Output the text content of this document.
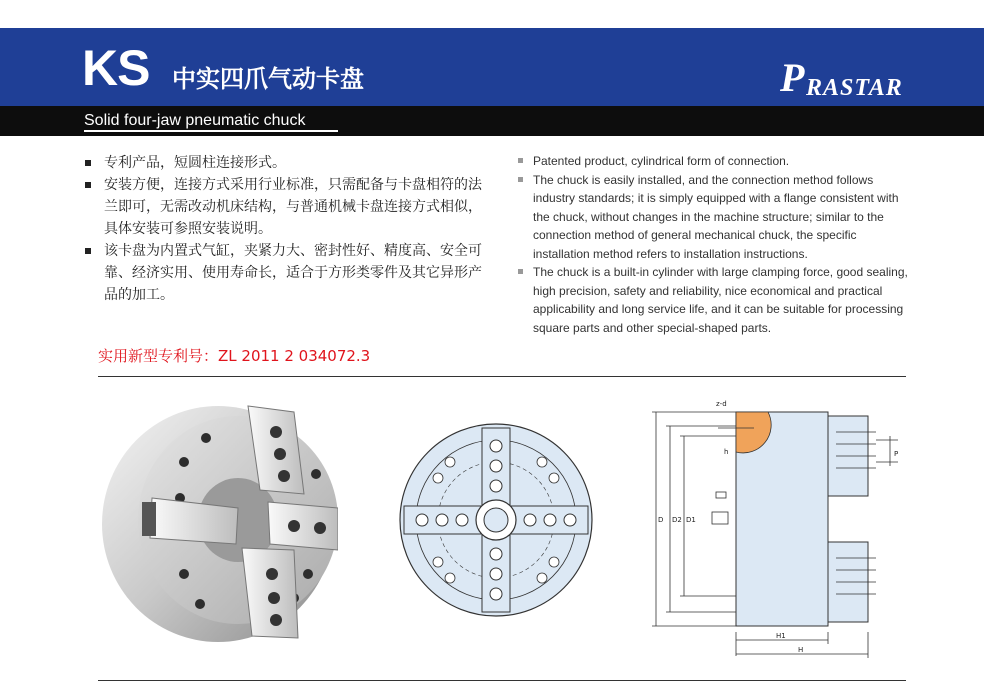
KS 中实四爪气动卡盘	P RASTAR
Solid four-jaw pneumatic chuck
专利产品，短圆柱连接形式。
安装方便，连接方式采用行业标准，只需配备与卡盘相符的法兰即可，无需改动机床结构，与普通机械卡盘连接方式相似，具体安装可参照安装说明。
该卡盘为内置式气缸，夹紧力大、密封性好、精度高、安全可靠、经济实用、使用寿命长，适合于方形类零件及其它异形产品的加工。
Patented product, cylindrical form of connection.
The chuck is easily installed, and the connection method follows industry standards; it is simply equipped with a flange consistent with the chuck, without changes in the machine structure; similar to the connection method of general mechanical chuck, the specific installation method refers to installation instructions.
The chuck is a built-in cylinder with large clamping force, good sealing, high precision, safety and reliability, nice economical and practical applicability and long service life, and it can be suitable for processing square parts and other special-shaped parts.
实用新型专利号：ZL 2011 2 034072.3
z-d
h	P
D D2 D1
H1
H
